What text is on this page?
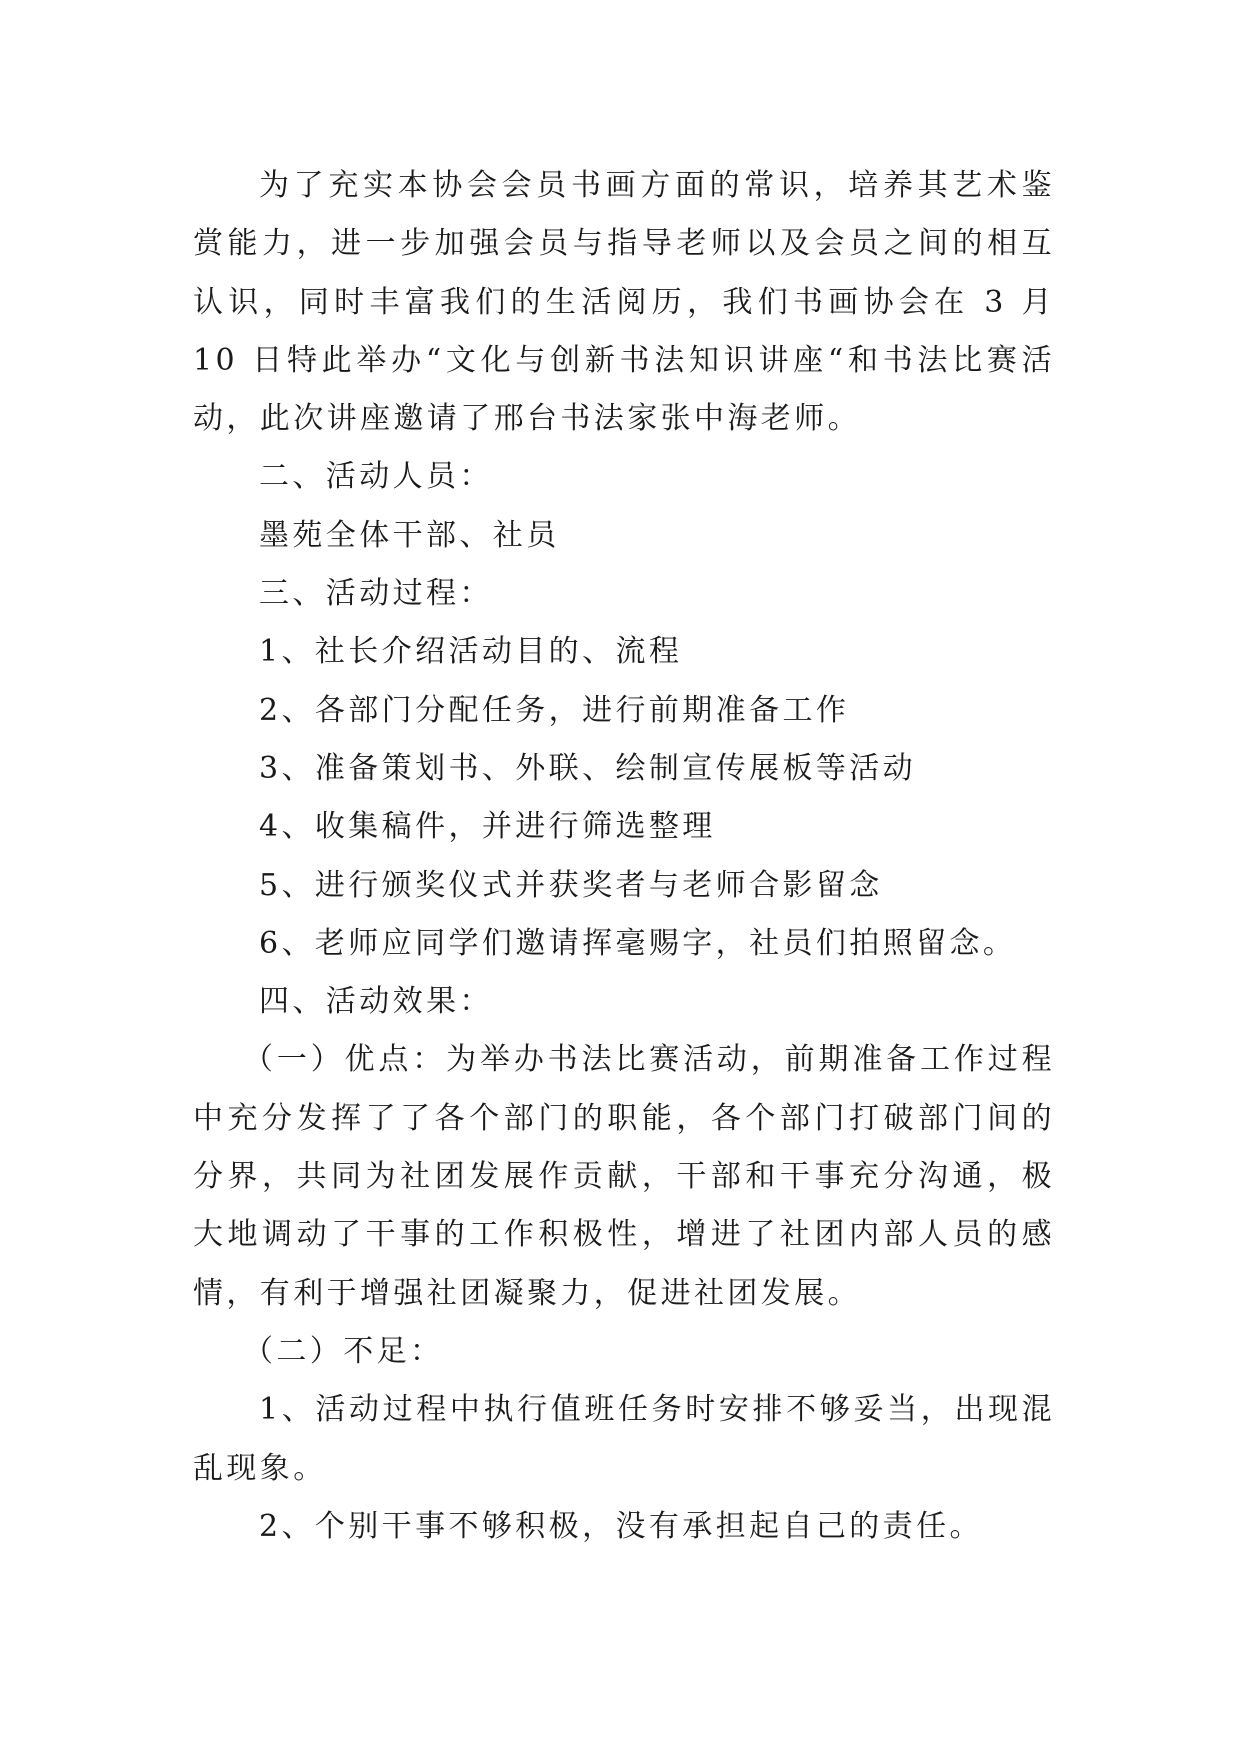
为了充实本协会会员书画方面的常识，培养其艺术鉴赏能力，进一步加强会员与指导老师以及会员之间的相互认识，同时丰富我们的生活阅历，我们书画协会在 3 月 10 日特此举办“文化与创新书法知识讲座“和书法比赛活动，此次讲座邀请了邢台书法家张中海老师。

二、活动人员：

墨苑全体干部、社员

三、活动过程：

1、社长介绍活动目的、流程

2、各部门分配任务，进行前期准备工作

3、准备策划书、外联、绘制宣传展板等活动

4、收集稿件，并进行筛选整理

5、进行颁奖仪式并获奖者与老师合影留念

6、老师应同学们邀请挥毫赐字，社员们拍照留念。

四、活动效果：

（一）优点：为举办书法比赛活动，前期准备工作过程中充分发挥了了各个部门的职能，各个部门打破部门间的分界，共同为社团发展作贡献，干部和干事充分沟通，极大地调动了干事的工作积极性，增进了社团内部人员的感情，有利于增强社团凝聚力，促进社团发展。

（二）不足：

1、活动过程中执行值班任务时安排不够妥当，出现混乱现象。

2、个别干事不够积极，没有承担起自己的责任。
